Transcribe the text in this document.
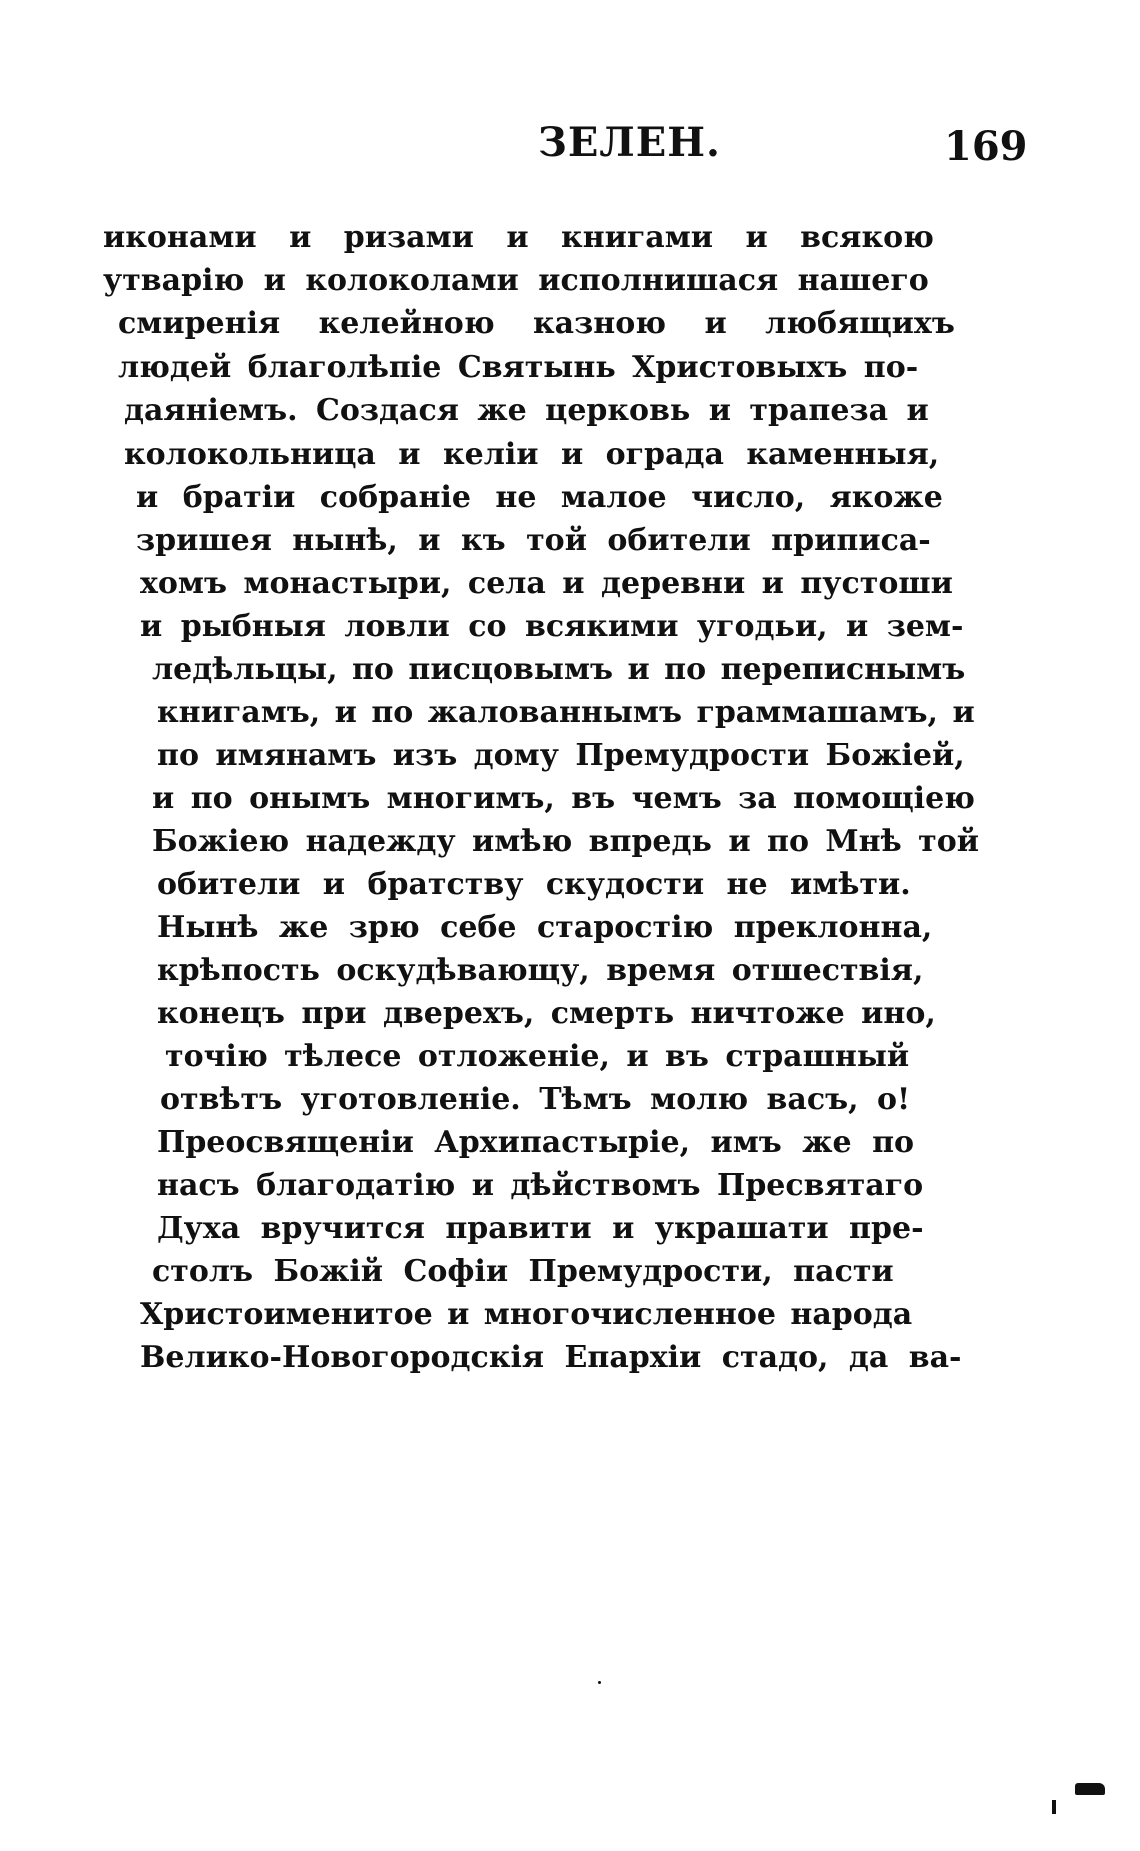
ЗЕЛЕН.	169
иконами и ризами и книгами и всякою
утварію и колоколами исполнишася нашего
смиренія келейною казною и любящихъ
людей благолѣпіе Святынь Христовыхъ по-
даяніемъ. Создася же церковь и трапеза и
колокольница и келіи и ограда каменныя,
и братіи собраніе не малое число, якоже
зришея нынѣ, и къ той обители приписа-
хомъ монастыри, села и деревни и пустоши
и рыбныя ловли со всякими угодьи, и зем-
ледѣльцы, по писцовымъ и по переписнымъ
книгамъ, и по жалованнымъ граммашамъ, и
по имянамъ изъ дому Премудрости Божіей,
и по онымъ многимъ, въ чемъ за помощіею
Божіею надежду имѣю впредь и по Мнѣ той
обители и братству скудости не имѣти.
Нынѣ же зрю себе старостію преклонна,
крѣпость оскудѣвающу, время отшествія,
конецъ при дверехъ, смерть ничтоже ино,
точію тѣлесе отложеніе, и въ страшный
отвѣтъ уготовленіе. Тѣмъ молю васъ, о!
Преосвященіи Архипастыріе, имъ же по
насъ благодатію и дѣйствомъ Пресвятаго
Духа вручится правити и украшати пре-
столъ Божій Софіи Премудрости, пасти
Христоименитое и многочисленное народа
Велико-Новогородскія Епархіи стадо, да ва-
